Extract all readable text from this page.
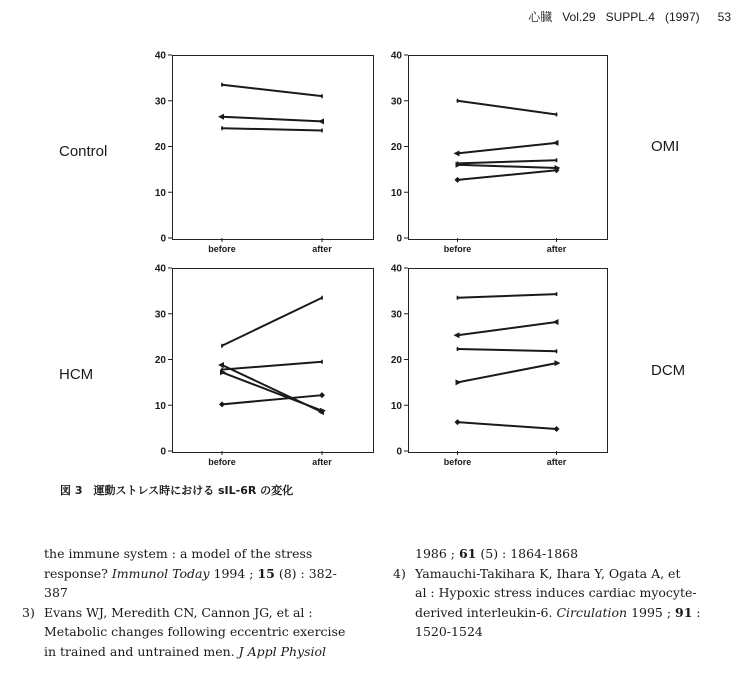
心臓 Vol.29 SUPPL.4 (1997) 53
0
10
20
30
40
before	after
0
10
20
30
40
before	after
0
10
20
30
40
before	after
0
10
20
30
40
before	after
Control	OMI
HCM	DCM
図 3　運動ストレス時における sIL-6R の変化
the immune system : a model of the stress
response? Immunol Today 1994 ; 15 (8) : 382-
387
3) Evans WJ, Meredith CN, Cannon JG, et al :
Metabolic changes following eccentric exercise
in trained and untrained men. J Appl Physiol
1986 ; 61 (5) : 1864-1868
4) Yamauchi-Takihara K, Ihara Y, Ogata A, et
al : Hypoxic stress induces cardiac myocyte-
derived interleukin-6. Circulation 1995 ; 91 :
1520-1524
